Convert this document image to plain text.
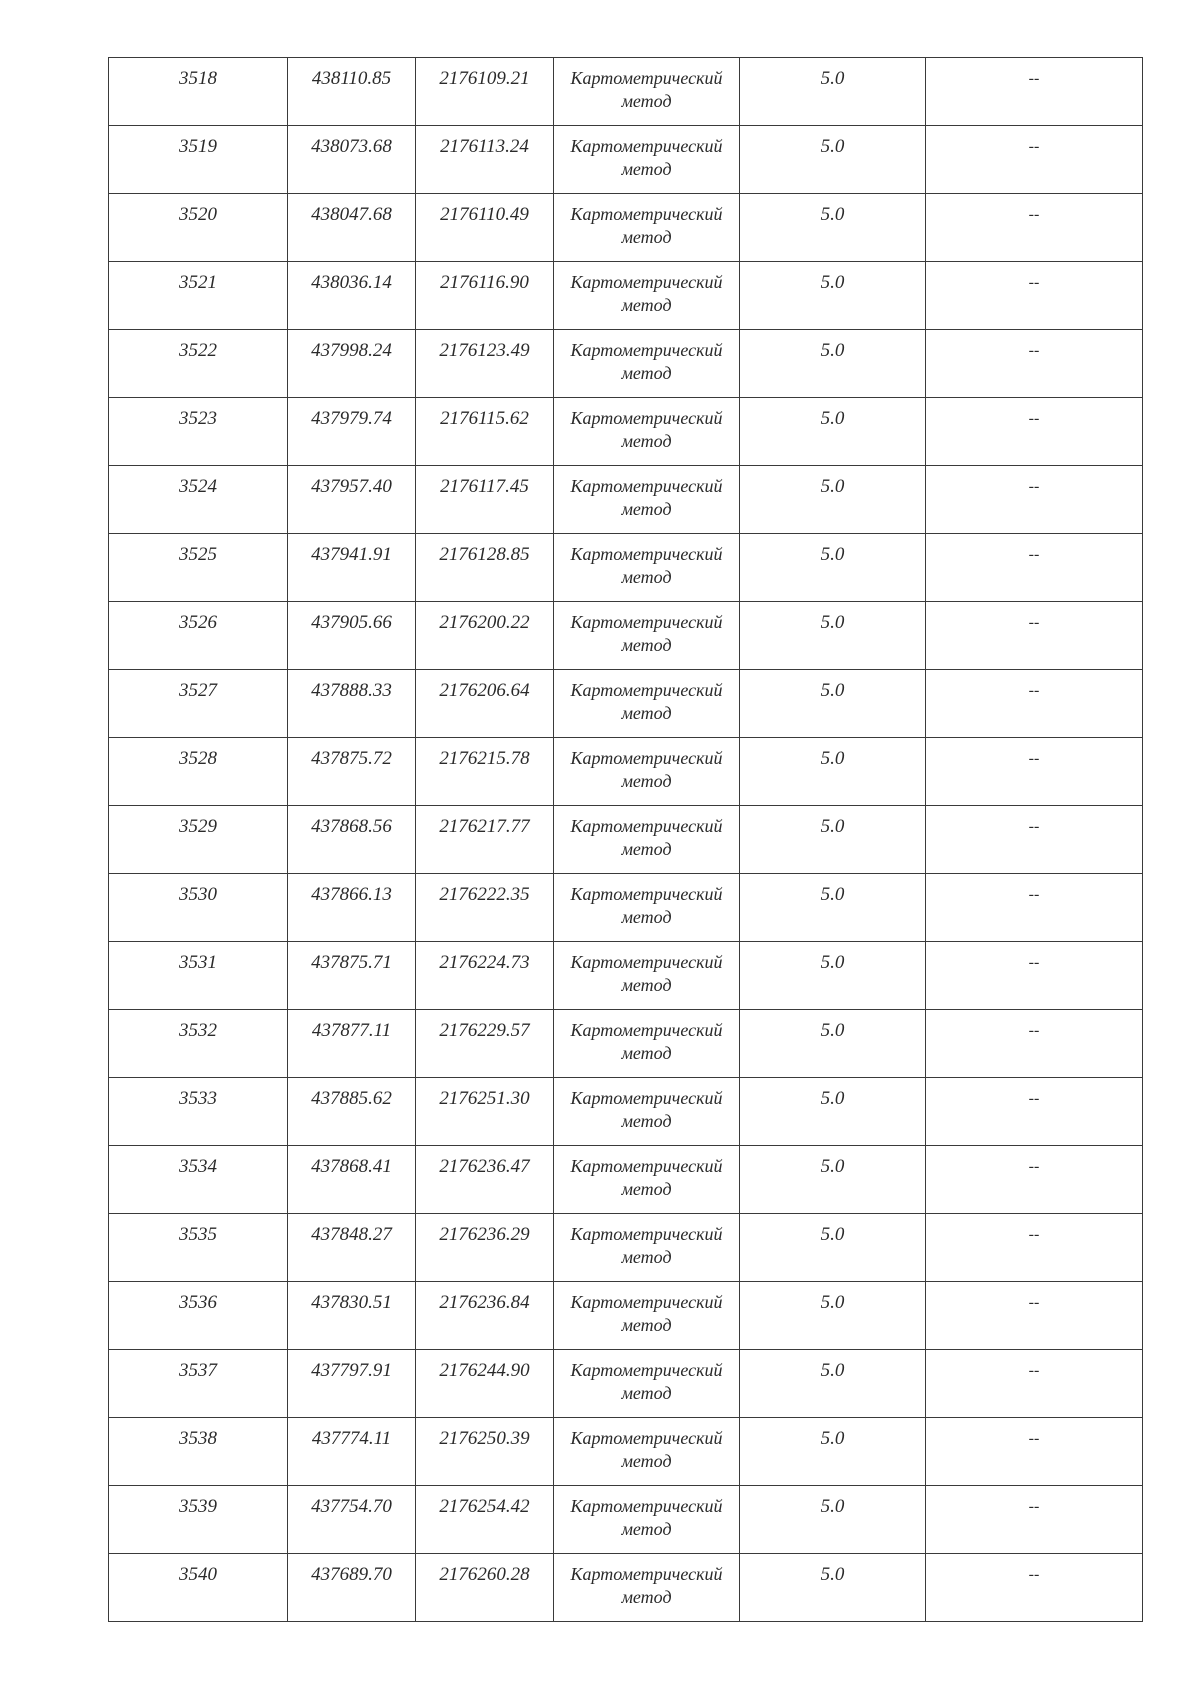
3518	438110.85	2176109.21	Картометрический
метод	5.0	--

3519	438073.68	2176113.24	Картометрический
метод	5.0	--

3520	438047.68	2176110.49	Картометрический
метод	5.0	--

3521	438036.14	2176116.90	Картометрический
метод	5.0	--

3522	437998.24	2176123.49	Картометрический
метод	5.0	--

3523	437979.74	2176115.62	Картометрический
метод	5.0	--

3524	437957.40	2176117.45	Картометрический
метод	5.0	--

3525	437941.91	2176128.85	Картометрический
метод	5.0	--

3526	437905.66	2176200.22	Картометрический
метод	5.0	--

3527	437888.33	2176206.64	Картометрический
метод	5.0	--

3528	437875.72	2176215.78	Картометрический
метод	5.0	--

3529	437868.56	2176217.77	Картометрический
метод	5.0	--

3530	437866.13	2176222.35	Картометрический
метод	5.0	--

3531	437875.71	2176224.73	Картометрический
метод	5.0	--

3532	437877.11	2176229.57	Картометрический
метод	5.0	--

3533	437885.62	2176251.30	Картометрический
метод	5.0	--

3534	437868.41	2176236.47	Картометрический
метод	5.0	--

3535	437848.27	2176236.29	Картометрический
метод	5.0	--

3536	437830.51	2176236.84	Картометрический
метод	5.0	--

3537	437797.91	2176244.90	Картометрический
метод	5.0	--

3538	437774.11	2176250.39	Картометрический
метод	5.0	--

3539	437754.70	2176254.42	Картометрический
метод	5.0	--

3540	437689.70	2176260.28	Картометрический
метод	5.0	--
